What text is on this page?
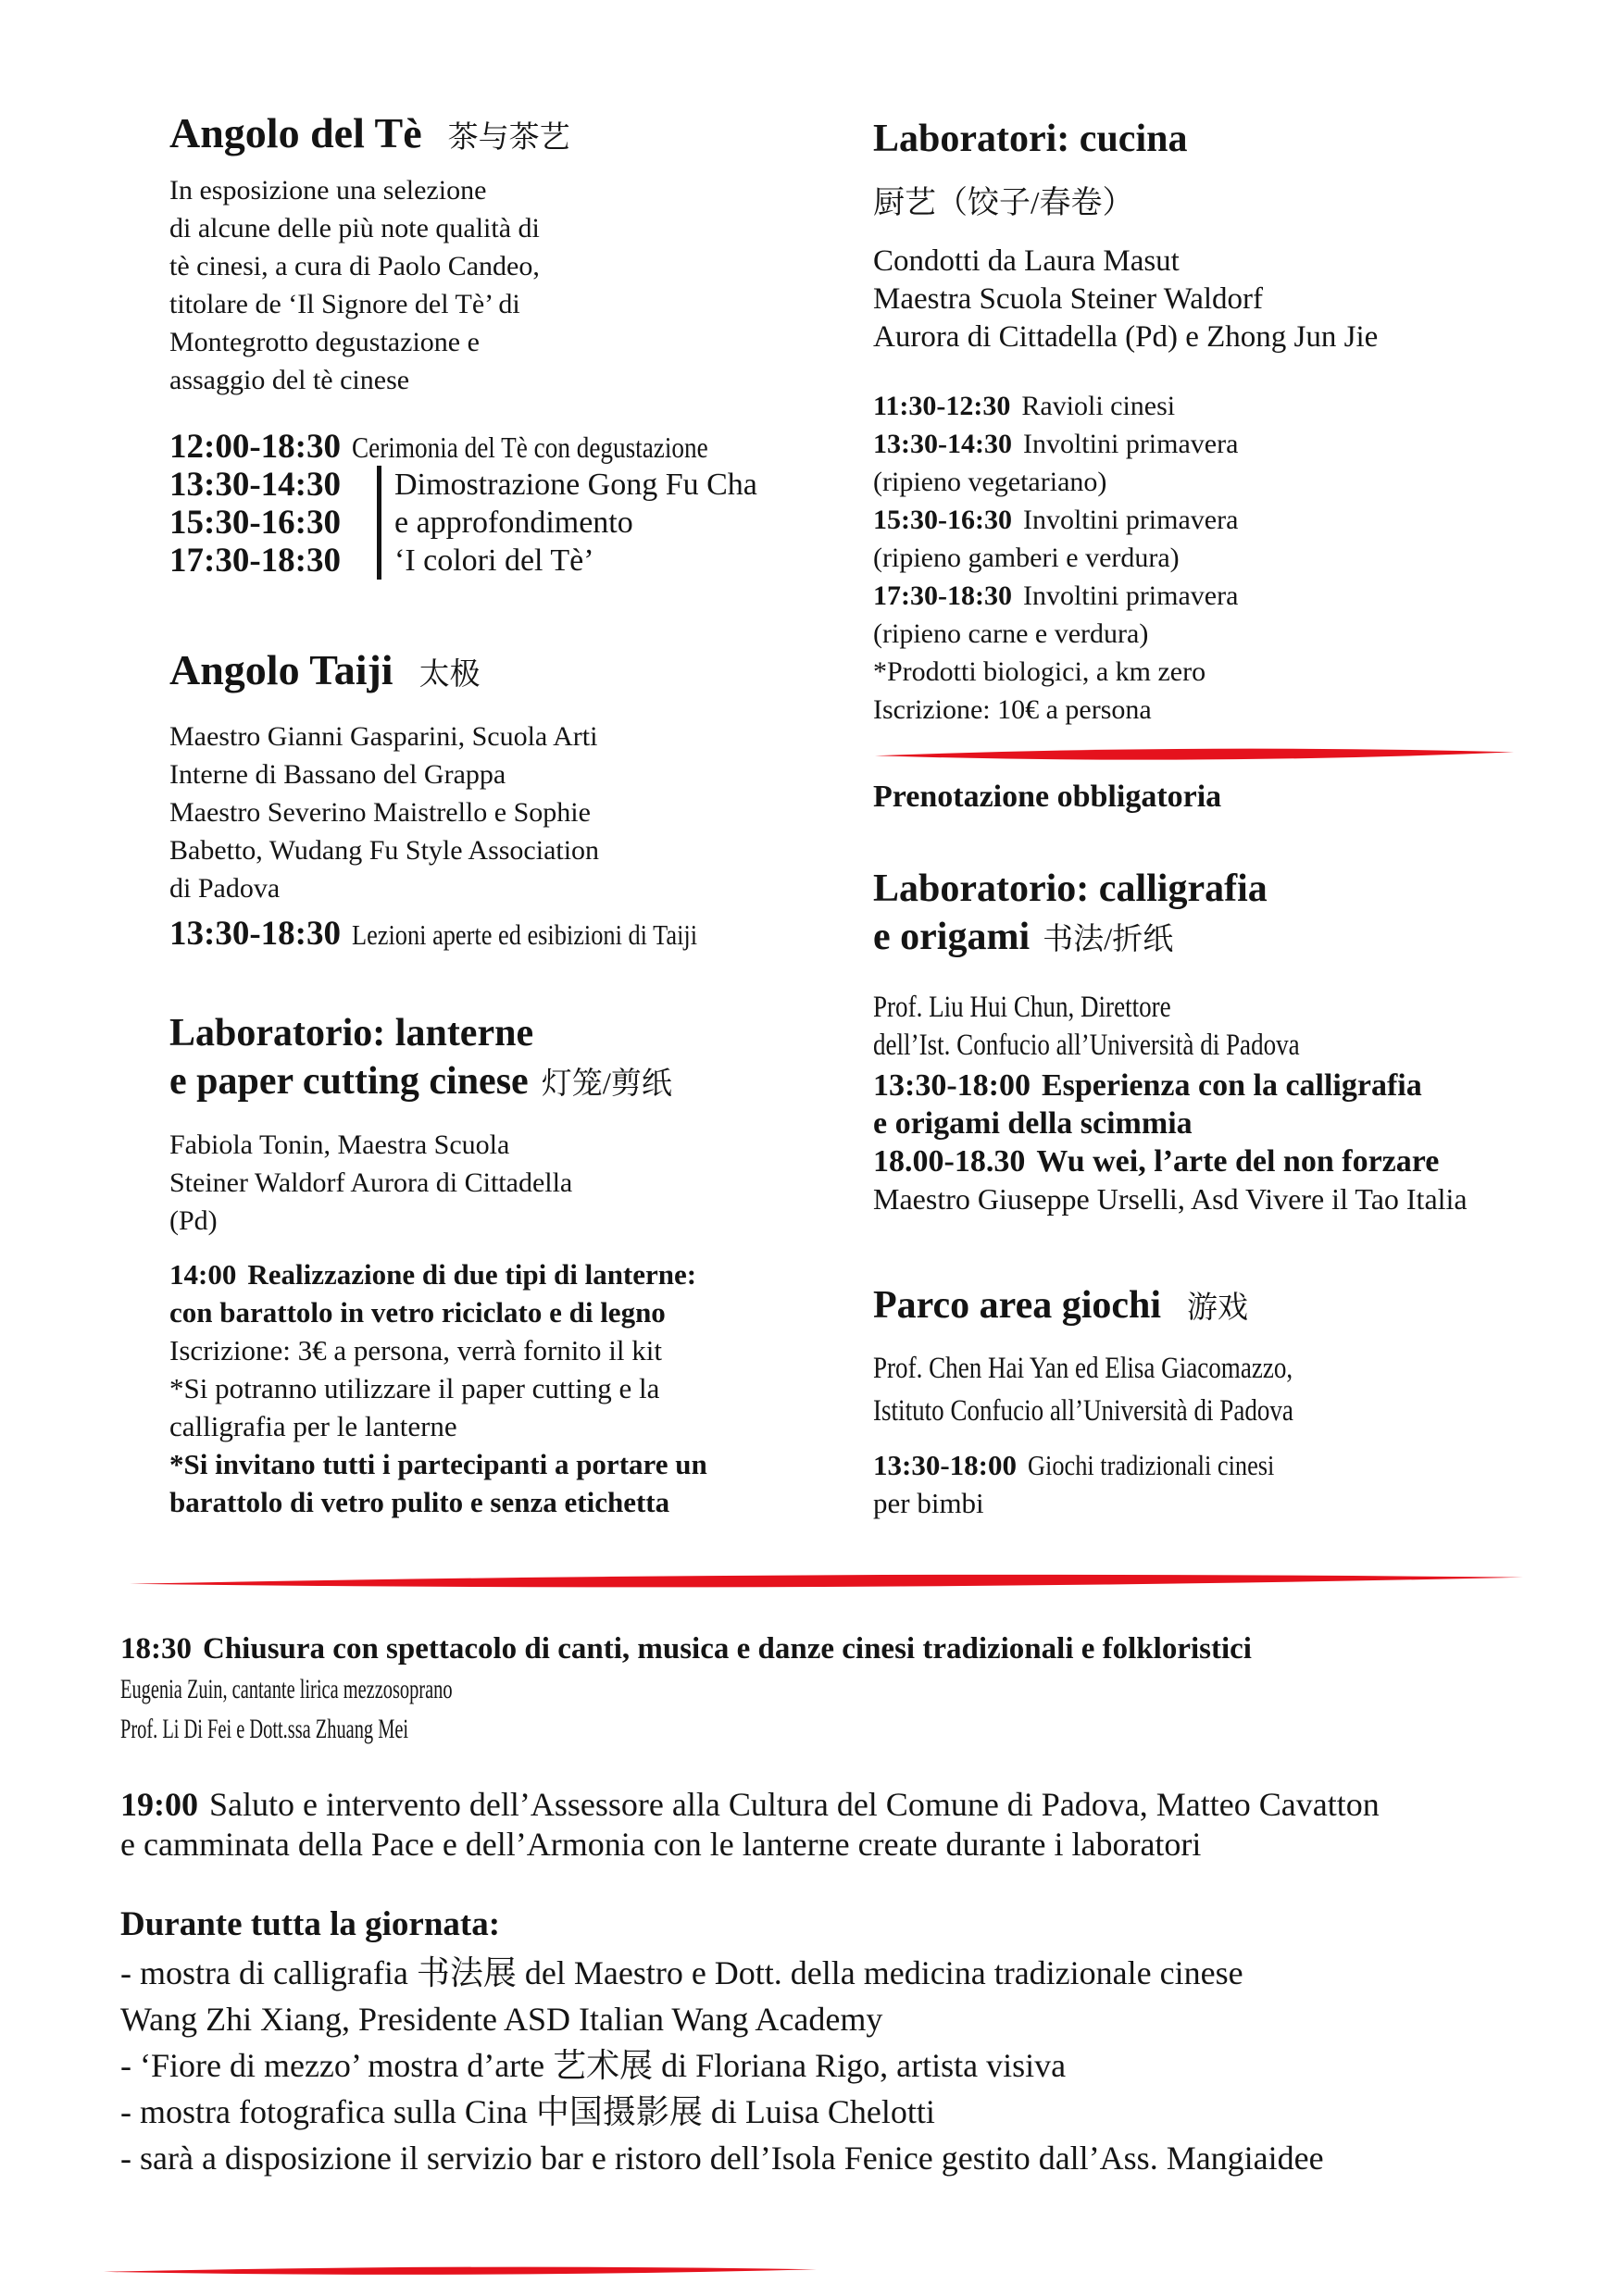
Angolo del Tè 茶与茶艺
In esposizione una selezione
di alcune delle più note qualità di
tè cinesi, a cura di Paolo Candeo,
titolare de ‘Il Signore del Tè’ di
Montegrotto degustazione e
assaggio del tè cinese
12:00-18:30 Cerimonia del Tè con degustazione
13:30-14:30
15:30-16:30
17:30-18:30
Dimostrazione Gong Fu Cha
e approfondimento
‘I colori del Tè’
Angolo Taiji 太极
Maestro Gianni Gasparini, Scuola Arti
Interne di Bassano del Grappa
Maestro Severino Maistrello e Sophie
Babetto, Wudang Fu Style Association
di Padova
13:30-18:30 Lezioni aperte ed esibizioni di Taiji
Laboratorio: lanterne
e paper cutting cinese 灯笼/剪纸
Fabiola Tonin, Maestra Scuola
Steiner Waldorf Aurora di Cittadella
(Pd)
14:00 Realizzazione di due tipi di lanterne:
con barattolo in vetro riciclato e di legno
Iscrizione: 3€ a persona, verrà fornito il kit
*Si potranno utilizzare il paper cutting e la
calligrafia per le lanterne
*Si invitano tutti i partecipanti a portare un
barattolo di vetro pulito e senza etichetta
Laboratori: cucina
厨艺（饺子/春卷）
Condotti da Laura Masut
Maestra Scuola Steiner Waldorf
Aurora di Cittadella (Pd) e Zhong Jun Jie
11:30-12:30 Ravioli cinesi
13:30-14:30 Involtini primavera
(ripieno vegetariano)
15:30-16:30 Involtini primavera
(ripieno gamberi e verdura)
17:30-18:30 Involtini primavera
(ripieno carne e verdura)
*Prodotti biologici, a km zero
Iscrizione: 10€ a persona
Prenotazione obbligatoria
Laboratorio: calligrafia
e origami 书法/折纸
Prof. Liu Hui Chun, Direttore
dell’Ist. Confucio all’Università di Padova
13:30-18:00 Esperienza con la calligrafia
e origami della scimmia
18.00-18.30 Wu wei, l’arte del non forzare
Maestro Giuseppe Urselli, Asd Vivere il Tao Italia
Parco area giochi 游戏
Prof. Chen Hai Yan ed Elisa Giacomazzo,
Istituto Confucio all’Università di Padova
13:30-18:00 Giochi tradizionali cinesi
per bimbi
18:30 Chiusura con spettacolo di canti, musica e danze cinesi tradizionali e folkloristici
Eugenia Zuin, cantante lirica mezzosoprano
Prof. Li Di Fei e Dott.ssa Zhuang Mei
19:00 Saluto e intervento dell’Assessore alla Cultura del Comune di Padova, Matteo Cavatton
e camminata della Pace e dell’Armonia con le lanterne create durante i laboratori
Durante tutta la giornata:
- mostra di calligrafia 书法展 del Maestro e Dott. della medicina tradizionale cinese
Wang Zhi Xiang, Presidente ASD Italian Wang Academy
- ‘Fiore di mezzo’ mostra d’arte 艺术展 di Floriana Rigo, artista visiva
- mostra fotografica sulla Cina 中国摄影展 di Luisa Chelotti
- sarà a disposizione il servizio bar e ristoro dell’Isola Fenice gestito dall’Ass. Mangiaidee
